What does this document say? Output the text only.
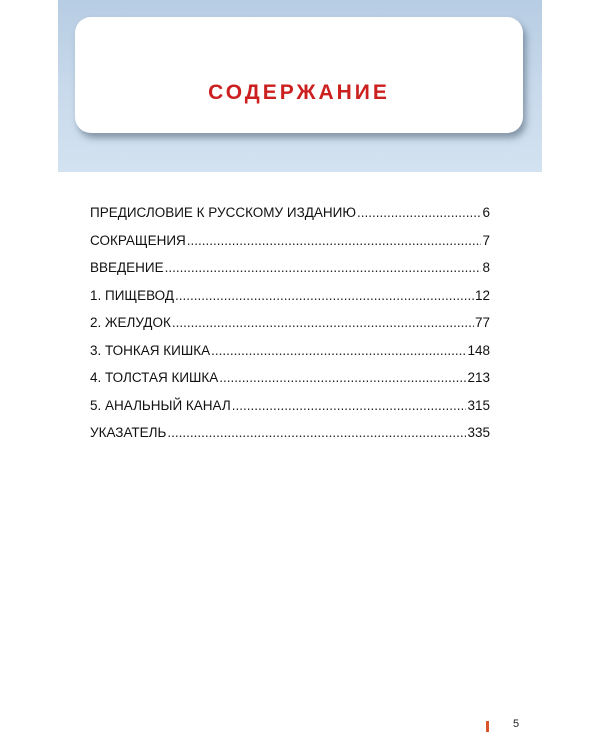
СОДЕРЖАНИЕ
ПРЕДИСЛОВИЕ К РУССКОМУ ИЗДАНИЮ .....	6
СОКРАЩЕНИЯ .....	7
ВВЕДЕНИЕ .....	8
1. ПИЩЕВОД .....	12
2. ЖЕЛУДОК .....	77
3. ТОНКАЯ КИШКА .....	148
4. ТОЛСТАЯ КИШКА .....	213
5. АНАЛЬНЫЙ КАНАЛ .....	315
УКАЗАТЕЛЬ .....	335
5
